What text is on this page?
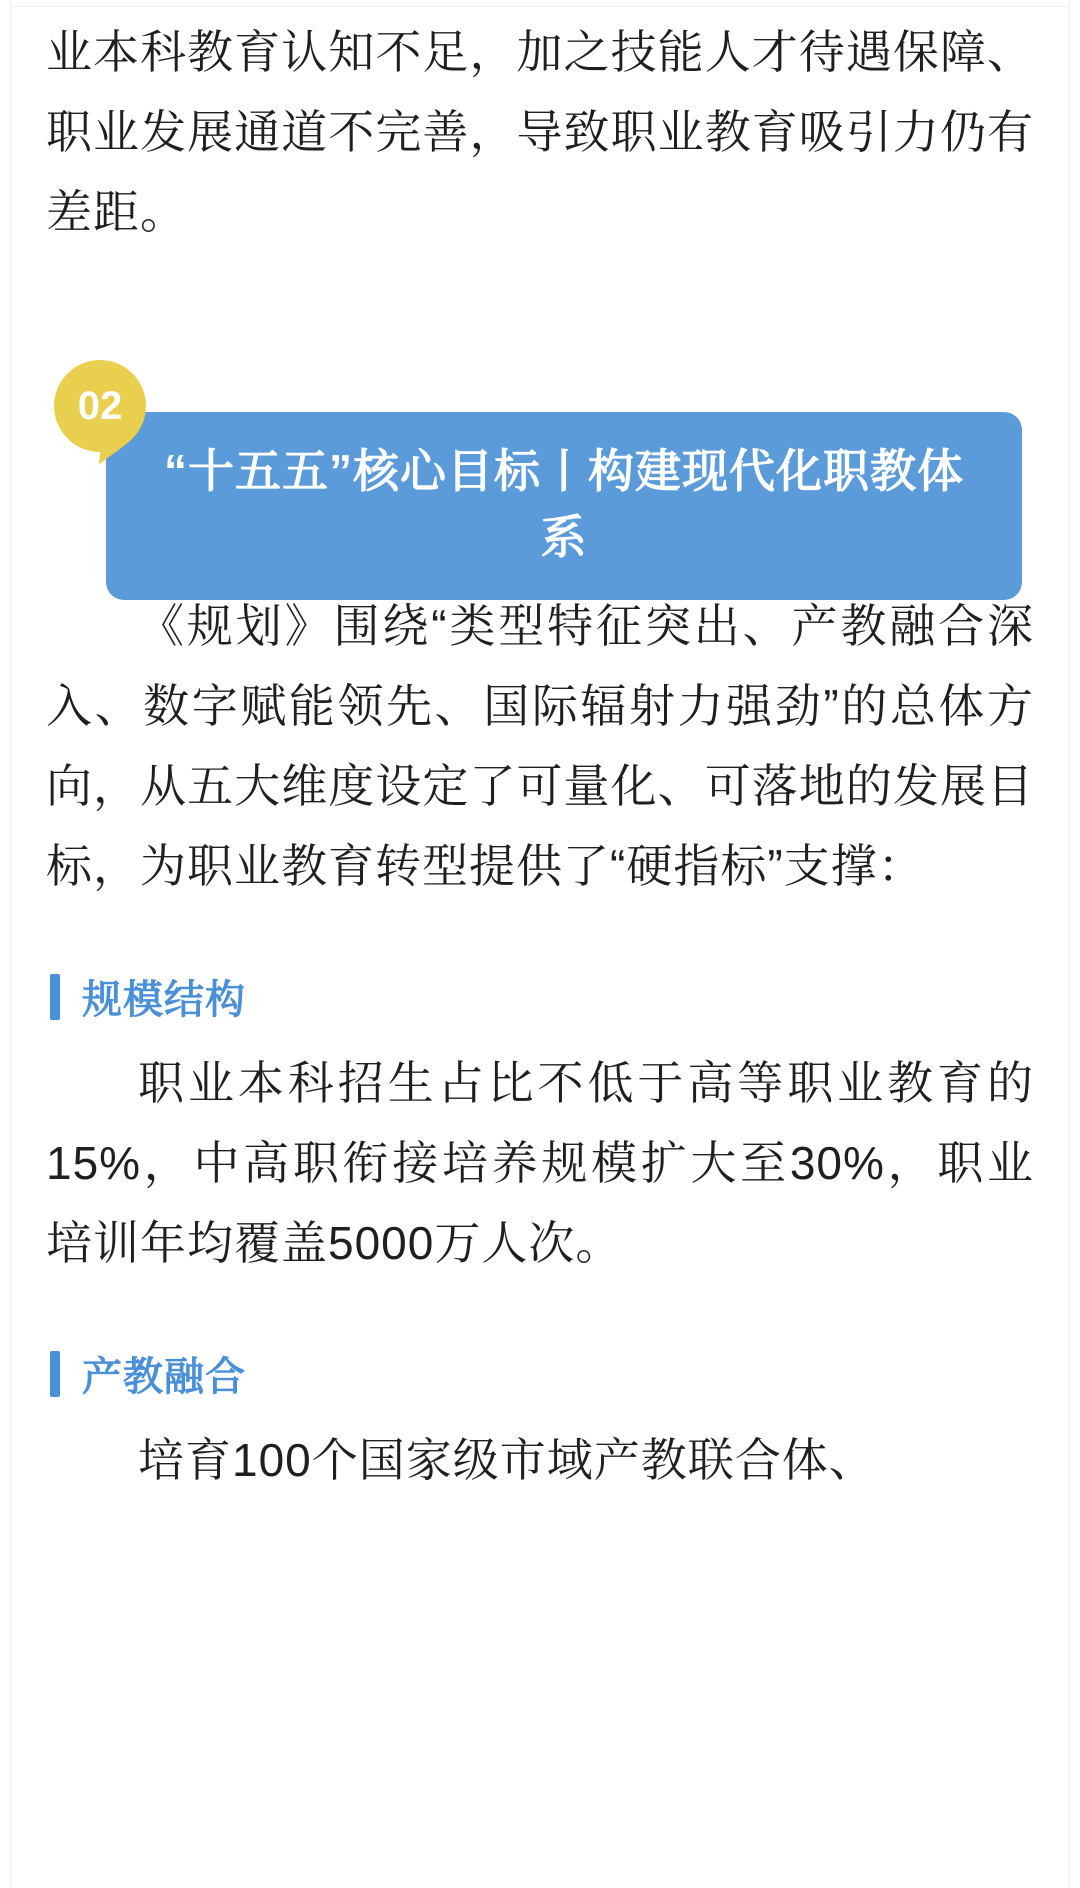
业本科教育认知不足，加之技能人才待遇保障、职业发展通道不完善，导致职业教育吸引力仍有差距。

02
“十五五”核心目标丨构建现代化职教体系

《规划》围绕“类型特征突出、产教融合深入、数字赋能领先、国际辐射力强劲”的总体方向，从五大维度设定了可量化、可落地的发展目标，为职业教育转型提供了“硬指标”支撑：

规模结构

职业本科招生占比不低于高等职业教育的15%，中高职衔接培养规模扩大至30%，职业培训年均覆盖5000万人次。

产教融合

培育100个国家级市域产教联合体、
